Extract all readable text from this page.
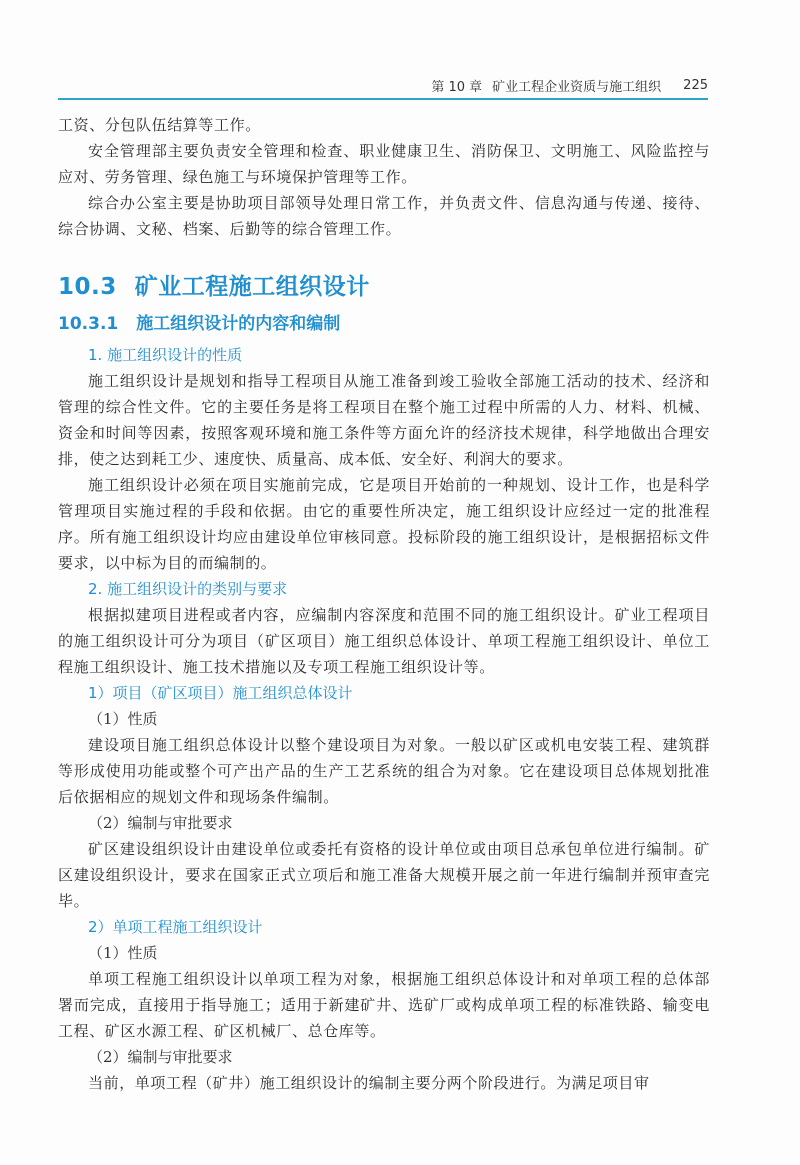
第 10 章 矿业工程企业资质与施工组织 225

工资、分包队伍结算等工作。

安全管理部主要负责安全管理和检查、职业健康卫生、消防保卫、文明施工、风险监控与应对、劳务管理、绿色施工与环境保护管理等工作。

综合办公室主要是协助项目部领导处理日常工作，并负责文件、信息沟通与传递、接待、综合协调、文秘、档案、后勤等的综合管理工作。

10.3 矿业工程施工组织设计
10.3.1 施工组织设计的内容和编制
1. 施工组织设计的性质

施工组织设计是规划和指导工程项目从施工准备到竣工验收全部施工活动的技术、经济和管理的综合性文件。它的主要任务是将工程项目在整个施工过程中所需的人力、材料、机械、资金和时间等因素，按照客观环境和施工条件等方面允许的经济技术规律，科学地做出合理安排，使之达到耗工少、速度快、质量高、成本低、安全好、利润大的要求。

施工组织设计必须在项目实施前完成，它是项目开始前的一种规划、设计工作，也是科学管理项目实施过程的手段和依据。由它的重要性所决定，施工组织设计应经过一定的批准程序。所有施工组织设计均应由建设单位审核同意。投标阶段的施工组织设计，是根据招标文件要求，以中标为目的而编制的。

2. 施工组织设计的类别与要求

根据拟建项目进程或者内容，应编制内容深度和范围不同的施工组织设计。矿业工程项目的施工组织设计可分为项目（矿区项目）施工组织总体设计、单项工程施工组织设计、单位工程施工组织设计、施工技术措施以及专项工程施工组织设计等。

1）项目（矿区项目）施工组织总体设计
（1）性质

建设项目施工组织总体设计以整个建设项目为对象。一般以矿区或机电安装工程、建筑群等形成使用功能或整个可产出产品的生产工艺系统的组合为对象。它在建设项目总体规划批准后依据相应的规划文件和现场条件编制。

（2）编制与审批要求

矿区建设组织设计由建设单位或委托有资格的设计单位或由项目总承包单位进行编制。矿区建设组织设计，要求在国家正式立项后和施工准备大规模开展之前一年进行编制并预审查完毕。

2）单项工程施工组织设计
（1）性质

单项工程施工组织设计以单项工程为对象，根据施工组织总体设计和对单项工程的总体部署而完成，直接用于指导施工；适用于新建矿井、选矿厂或构成单项工程的标准铁路、输变电工程、矿区水源工程、矿区机械厂、总仓库等。

（2）编制与审批要求

当前，单项工程（矿井）施工组织设计的编制主要分两个阶段进行。为满足项目审
